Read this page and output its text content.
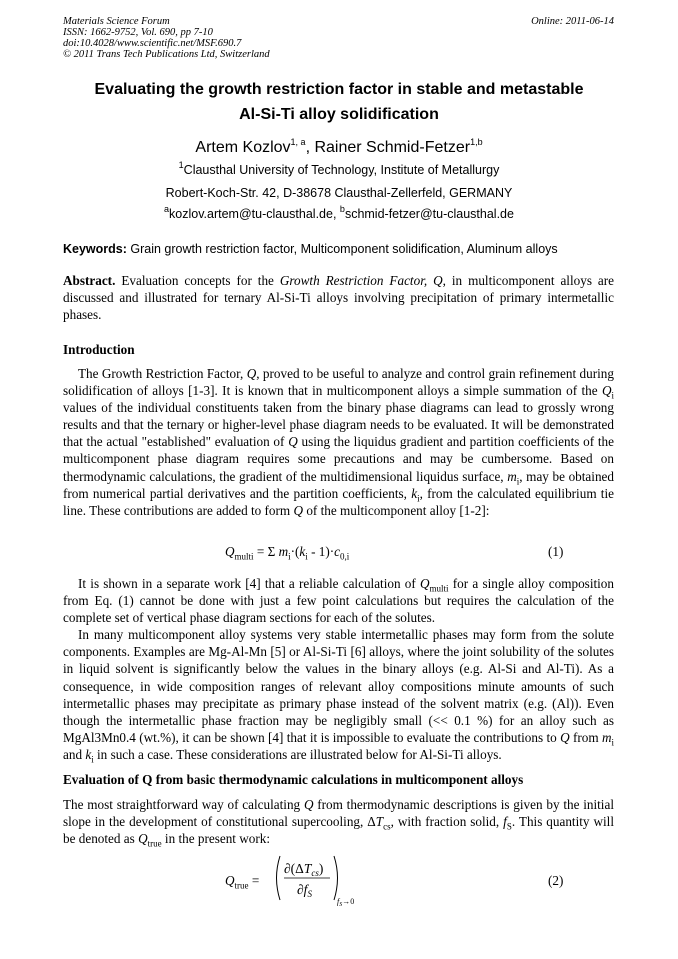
Materials Science Forum
ISSN: 1662-9752, Vol. 690, pp 7-10
doi:10.4028/www.scientific.net/MSF.690.7
© 2011 Trans Tech Publications Ltd, Switzerland
Online: 2011-06-14
Evaluating the growth restriction factor in stable and metastable
Al-Si-Ti alloy solidification
Artem Kozlov$^{1, a}$, Rainer Schmid-Fetzer$^{1,b}$
$^1$Clausthal University of Technology, Institute of Metallurgy
Robert-Koch-Str. 42, D-38678 Clausthal-Zellerfeld, GERMANY
$^a$kozlov.artem@tu-clausthal.de, $^b$schmid-fetzer@tu-clausthal.de
Keywords: Grain growth restriction factor, Multicomponent solidification, Aluminum alloys

Abstract. Evaluation concepts for the Growth Restriction Factor, Q, in multicomponent alloys are discussed and illustrated for ternary Al-Si-Ti alloys involving precipitation of primary intermetallic phases.

Introduction

The Growth Restriction Factor, Q, proved to be useful to analyze and control grain refinement during solidification of alloys [1-3]. It is known that in multicomponent alloys a simple summation of the $Q_i$ values of the individual constituents taken from the binary phase diagrams can lead to grossly wrong results and that the ternary or higher-level phase diagram needs to be evaluated. It will be demonstrated that the actual "established" evaluation of Q using the liquidus gradient and partition coefficients of the multicomponent phase diagram requires some precautions and may be cumbersome. Based on thermodynamic calculations, the gradient of the multidimensional liquidus surface, $m_i$, may be obtained from numerical partial derivatives and the partition coefficients, $k_i$, from the calculated equilibrium tie line. These contributions are added to form Q of the multicomponent alloy [1-2]:

$Q_{multi} = \Sigma$ $m_i\cdot(k_i - 1)\cdot c_{0,i}$	(1)

It is shown in a separate work [4] that a reliable calculation of $Q_{multi}$ for a single alloy composition from Eq. (1) cannot be done with just a few point calculations but requires the calculation of the complete set of vertical phase diagram sections for each of the solutes.

In many multicomponent alloy systems very stable intermetallic phases may form from the solute components. Examples are Mg-Al-Mn [5] or Al-Si-Ti [6] alloys, where the joint solubility of the solutes in liquid solvent is significantly below the values in the binary alloys (e.g. Al-Si and Al-Ti). As a consequence, in wide composition ranges of relevant alloy compositions minute amounts of such intermetallic phases may precipitate as primary phase instead of the solvent matrix (e.g. (Al)). Even though the intermetallic phase fraction may be negligibly small (<< 0.1 %) for an alloy such as MgAl3Mn0.4 (wt.%), it can be shown [4] that it is impossible to evaluate the contributions to Q from $m_i$ and $k_i$ in such a case. These considerations are illustrated below for Al-Si-Ti alloys.

Evaluation of Q from basic thermodynamic calculations in multicomponent alloys

The most straightforward way of calculating Q from thermodynamic descriptions is given by the initial slope in the development of constitutional supercooling, $\Delta T_{cs}$, with fraction solid, $f_S$. This quantity will be denoted as $Q_{true}$ in the present work:

$Q_{true}$ =
$\partial(\Delta T_{cs})$
$\partial f_S$
$f_S\to 0$
(2)
